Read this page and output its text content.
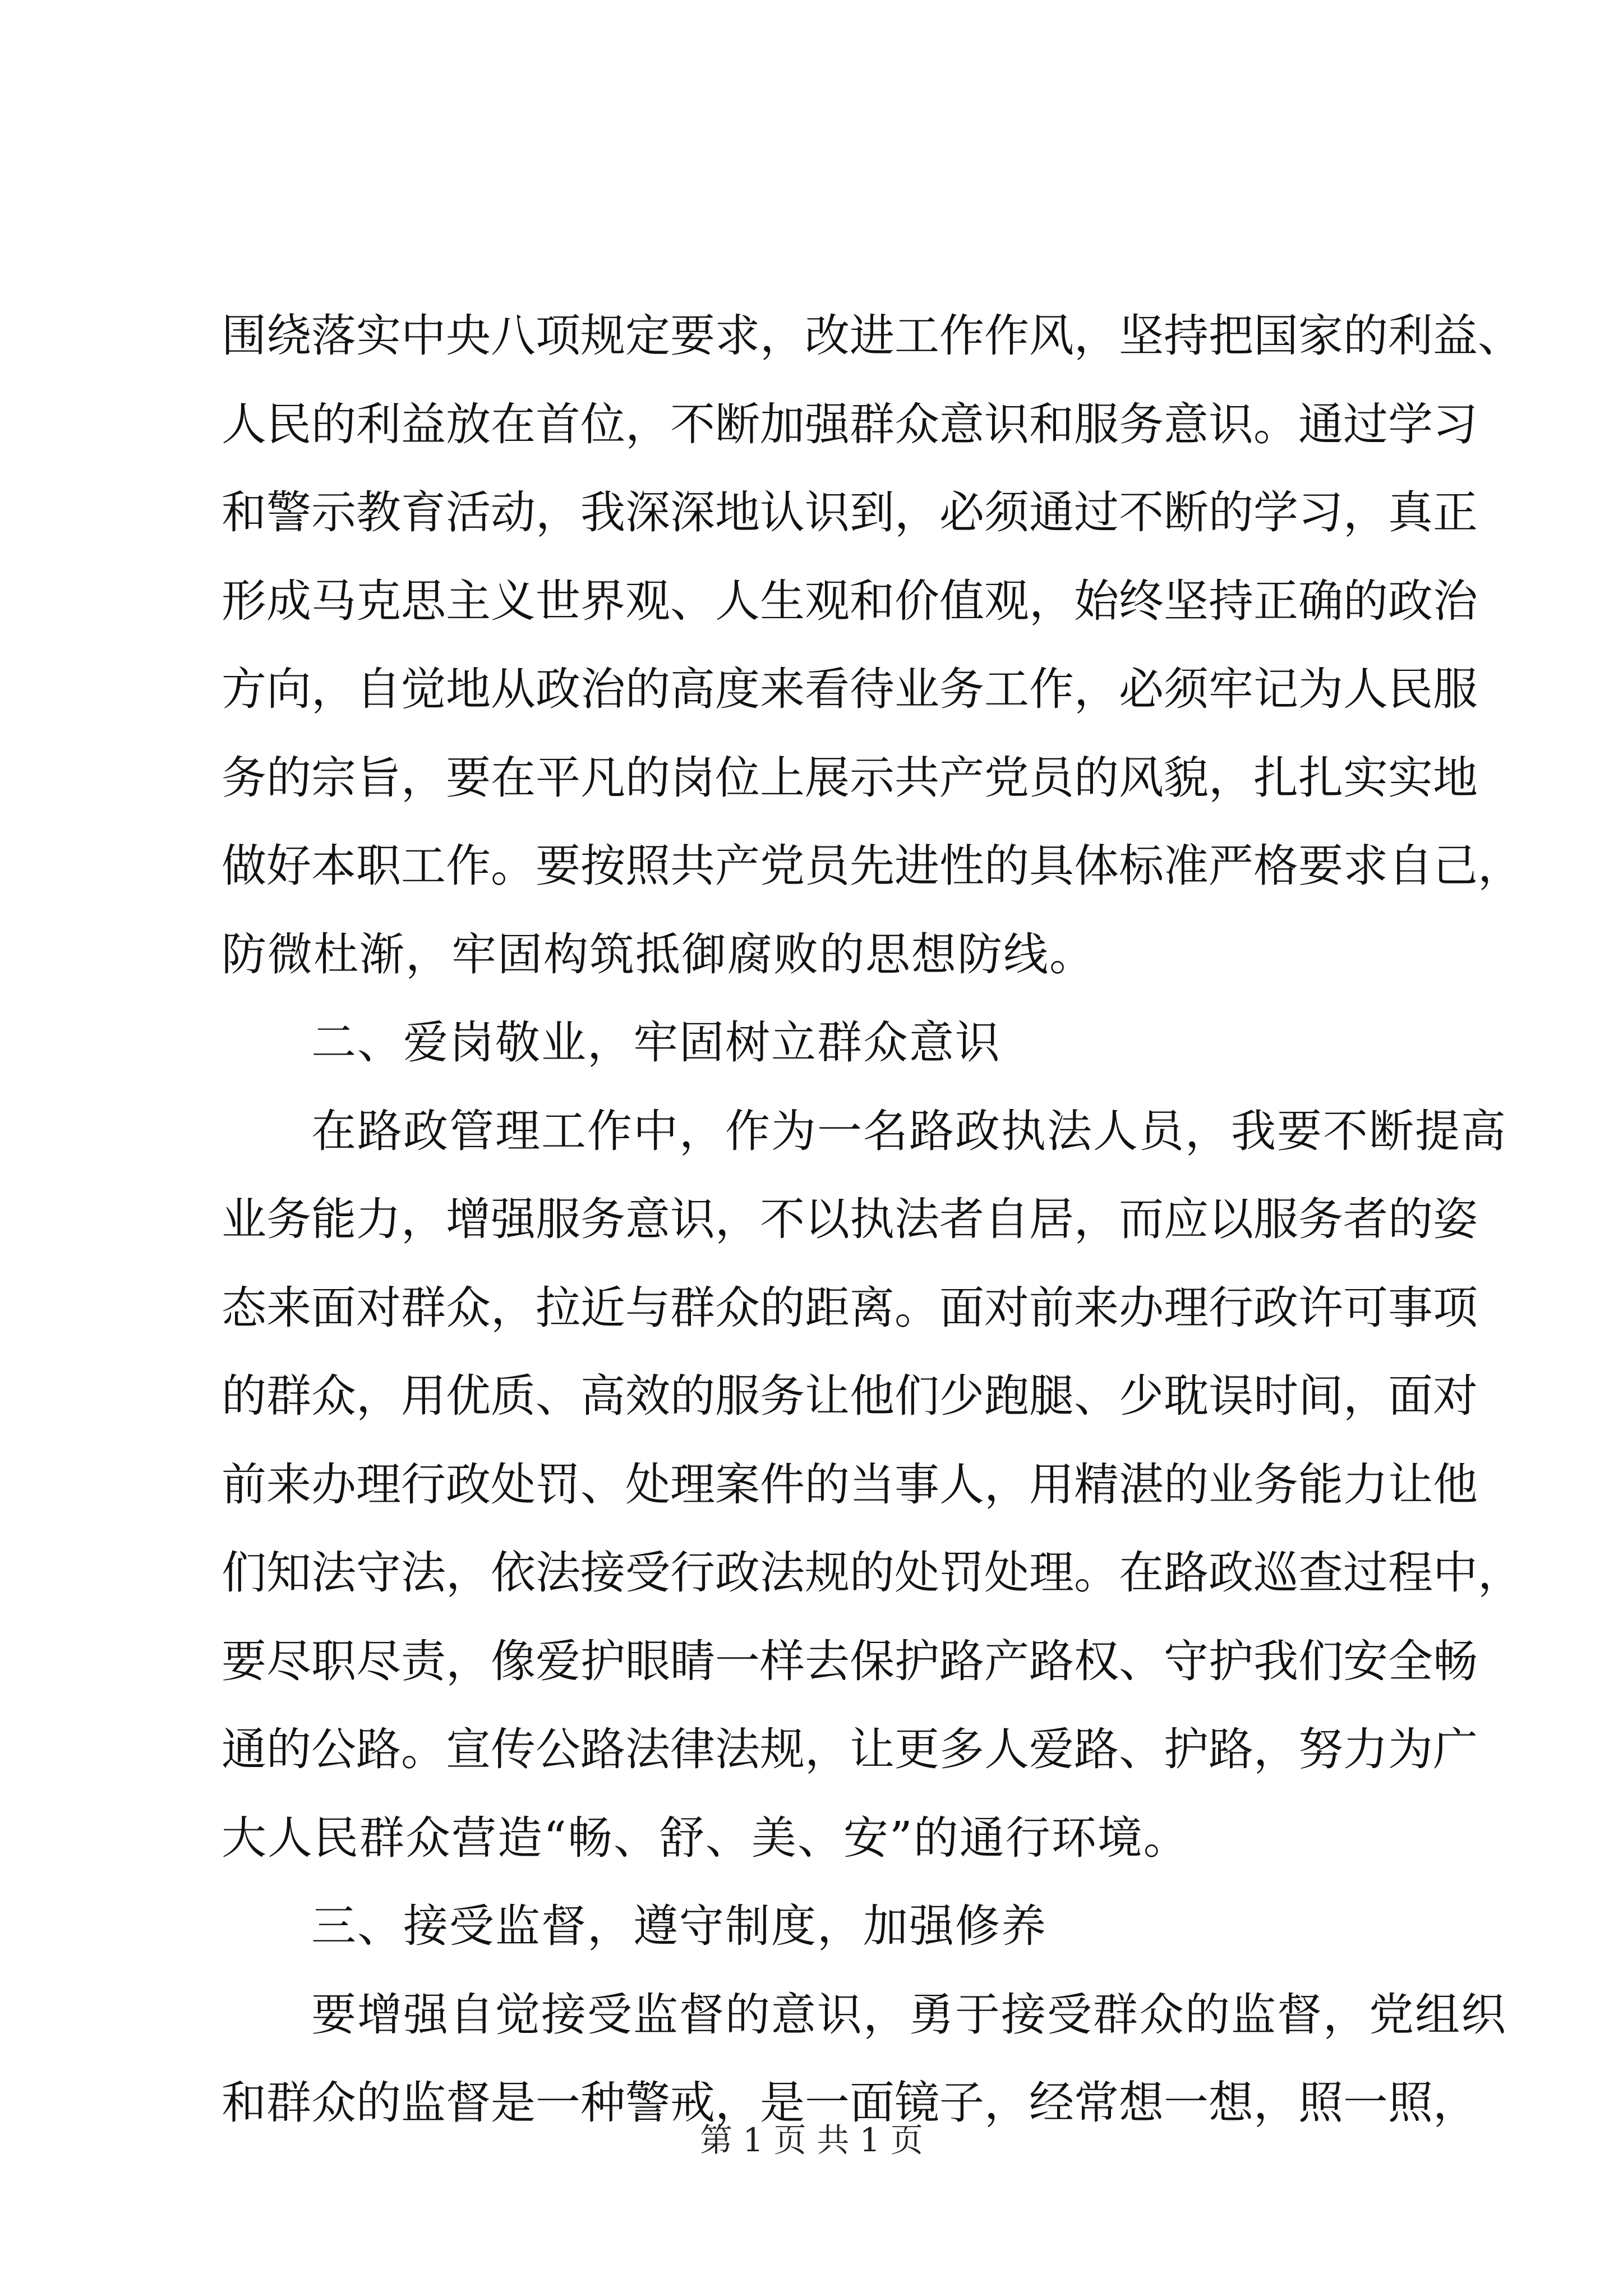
围绕落实中央八项规定要求，改进工作作风，坚持把国家的利益、
人民的利益放在首位，不断加强群众意识和服务意识。通过学习
和警示教育活动，我深深地认识到，必须通过不断的学习，真正
形成马克思主义世界观、人生观和价值观，始终坚持正确的政治
方向，自觉地从政治的高度来看待业务工作，必须牢记为人民服
务的宗旨，要在平凡的岗位上展示共产党员的风貌，扎扎实实地
做好本职工作。要按照共产党员先进性的具体标准严格要求自己，
防微杜渐，牢固构筑抵御腐败的思想防线。
二、爱岗敬业，牢固树立群众意识
在路政管理工作中，作为一名路政执法人员，我要不断提高
业务能力，增强服务意识，不以执法者自居，而应以服务者的姿
态来面对群众，拉近与群众的距离。面对前来办理行政许可事项
的群众，用优质、高效的服务让他们少跑腿、少耽误时间，面对
前来办理行政处罚、处理案件的当事人，用精湛的业务能力让他
们知法守法，依法接受行政法规的处罚处理。在路政巡查过程中，
要尽职尽责，像爱护眼睛一样去保护路产路权、守护我们安全畅
通的公路。宣传公路法律法规，让更多人爱路、护路，努力为广
大人民群众营造“畅、舒、美、安”的通行环境。
三、接受监督，遵守制度，加强修养
要增强自觉接受监督的意识，勇于接受群众的监督，党组织
和群众的监督是一种警戒，是一面镜子，经常想一想，照一照，
第 1 页 共 1 页
